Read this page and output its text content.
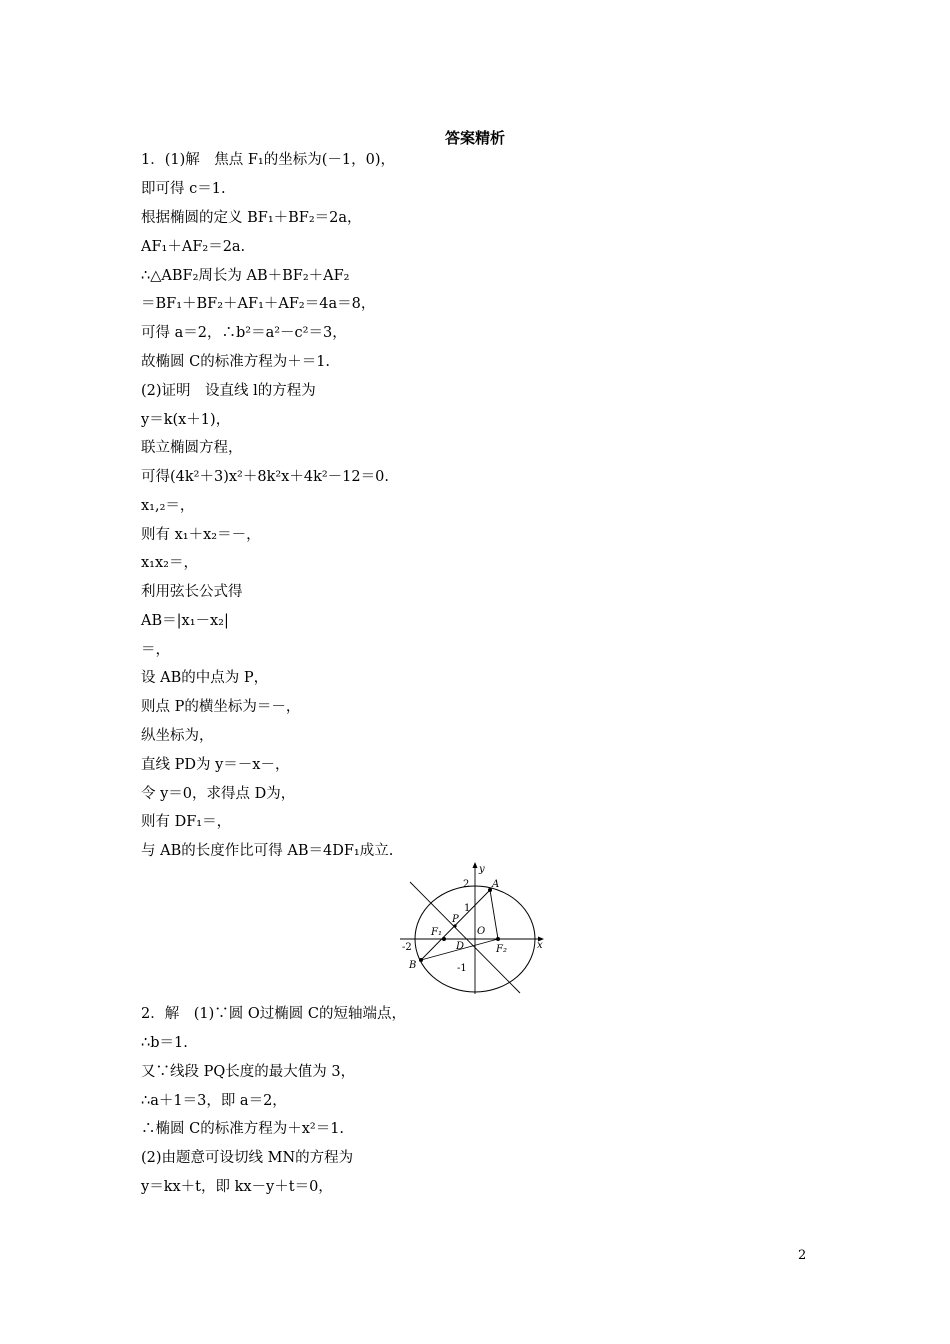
答案精析
1．(1)解　焦点 F₁的坐标为(－1，0)，
即可得 c＝1.
根据椭圆的定义 BF₁＋BF₂＝2a，
AF₁＋AF₂＝2a.
∴△ABF₂周长为 AB＋BF₂＋AF₂
＝BF₁＋BF₂＋AF₁＋AF₂＝4a＝8，
可得 a＝2，∴b²＝a²－c²＝3，
故椭圆 C的标准方程为＋＝1.
(2)证明　设直线 l的方程为
y＝k(x＋1)，
联立椭圆方程，
可得(4k²＋3)x²＋8k²x＋4k²－12＝0.
x₁,₂＝，
则有 x₁＋x₂＝－，
x₁x₂＝，
利用弦长公式得
AB＝|x₁－x₂|
＝，
设 AB的中点为 P，
则点 P的横坐标为＝－，
纵坐标为，
直线 PD为 y＝－x－，
令 y＝0，求得点 D为，
则有 DF₁＝，
与 AB的长度作比可得 AB＝4DF₁成立.
y
x
A
B
P
O
D
F₁
F₂
2
1
-1
-2
2．解　(1)∵圆 O过椭圆 C的短轴端点，
∴b＝1.
又∵线段 PQ长度的最大值为 3，
∴a＋1＝3，即 a＝2，
∴椭圆 C的标准方程为＋x²＝1.
(2)由题意可设切线 MN的方程为
y＝kx＋t，即 kx－y＋t＝0，
2
